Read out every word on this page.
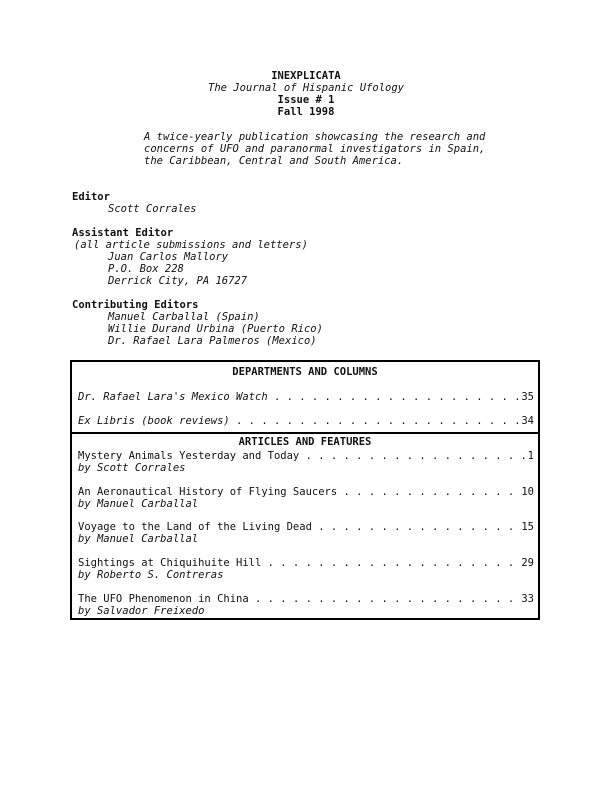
INEXPLICATA
The Journal of Hispanic Ufology
Issue # 1
Fall 1998
A twice-yearly publication showcasing the research and
concerns of UFO and paranormal investigators in Spain,
the Caribbean, Central and South America.
Editor
Scott Corrales
Assistant Editor
(all article submissions and letters)
Juan Carlos Mallory
P.O. Box 228
Derrick City, PA 16727
Contributing Editors
Manuel Carballal (Spain)
Willie Durand Urbina (Puerto Rico)
Dr. Rafael Lara Palmeros (Mexico)
DEPARTMENTS AND COLUMNS
Dr. Rafael Lara's Mexico Watch . . .	35
Ex Libris (book reviews) . . .	34
ARTICLES AND FEATURES
Mystery Animals Yesterday and Today . . .	1
by Scott Corrales
An Aeronautical History of Flying Saucers . . .	10
by Manuel Carballal
Voyage to the Land of the Living Dead . . .	15
by Manuel Carballal
Sightings at Chiquihuite Hill . . .	29
by Roberto S. Contreras
The UFO Phenomenon in China . . .	33
by Salvador Freixedo
